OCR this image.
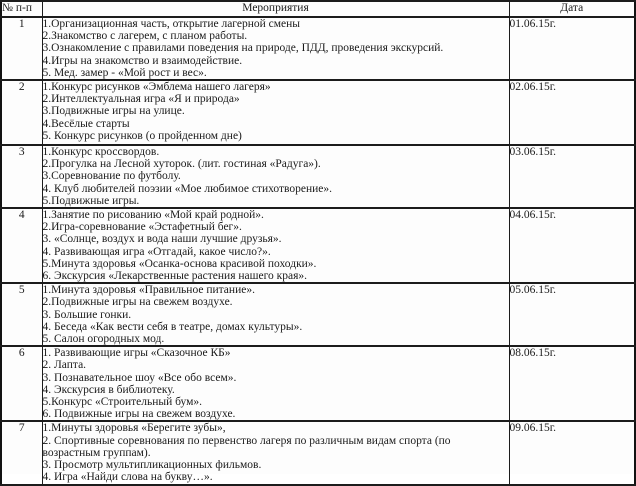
№ п-п	Мероприятия	Дата
1	1.Организационная часть, открытие лагерной смены
2.Знакомство с лагерем, с планом работы.
3.Ознакомление с правилами поведения на природе, ПДД, проведения экскурсий.
4.Игры на знакомство и взаимодействие.
5. Мед. замер - «Мой рост и вес».	01.06.15г.
2	1.Конкурс рисунков «Эмблема нашего лагеря»
2.Интеллектуальная игра «Я и природа»
3.Подвижные игры на улице.
4.Весёлые старты
5. Конкурс рисунков (о пройденном дне)	02.06.15г.
3	1.Конкурс кроссвордов.
2.Прогулка на Лесной хуторок. (лит. гостиная «Радуга»).
3.Соревнование по футболу.
4. Клуб любителей поэзии «Мое любимое стихотворение».
5.Подвижные игры.	03.06.15г.
4	1.Занятие по рисованию «Мой край родной».
2.Игра-соревнование «Эстафетный бег».
3. «Солнце, воздух и вода наши лучшие друзья».
4. Развивающая игра «Отгадай, какое число?».
5.Минута здоровья «Осанка-основа красивой походки».
6. Экскурсия «Лекарственные растения нашего края».
	04.06.15г.
5	1.Минута здоровья «Правильное питание».
2.Подвижные игры на свежем воздухе.
3. Большие гонки.
4. Беседа «Как вести себя в театре, домах культуры».
5. Салон огородных мод.	05.06.15г.
6	1. Развивающие игры «Сказочное КБ»
2. Лапта.
3. Познавательное шоу «Все обо всем».
4. Экскурсия в библиотеку.
5.Конкурс «Строительный бум».
6. Подвижные игры на свежем воздухе.
	08.06.15г.
7	1.Минуты здоровья «Берегите зубы»,
2. Спортивные соревнования по первенство лагеря по различным видам спорта (по возрастным группам).
3. Просмотр мультипликационных фильмов.
4. Игра «Найди слова на букву…».	09.06.15г.
